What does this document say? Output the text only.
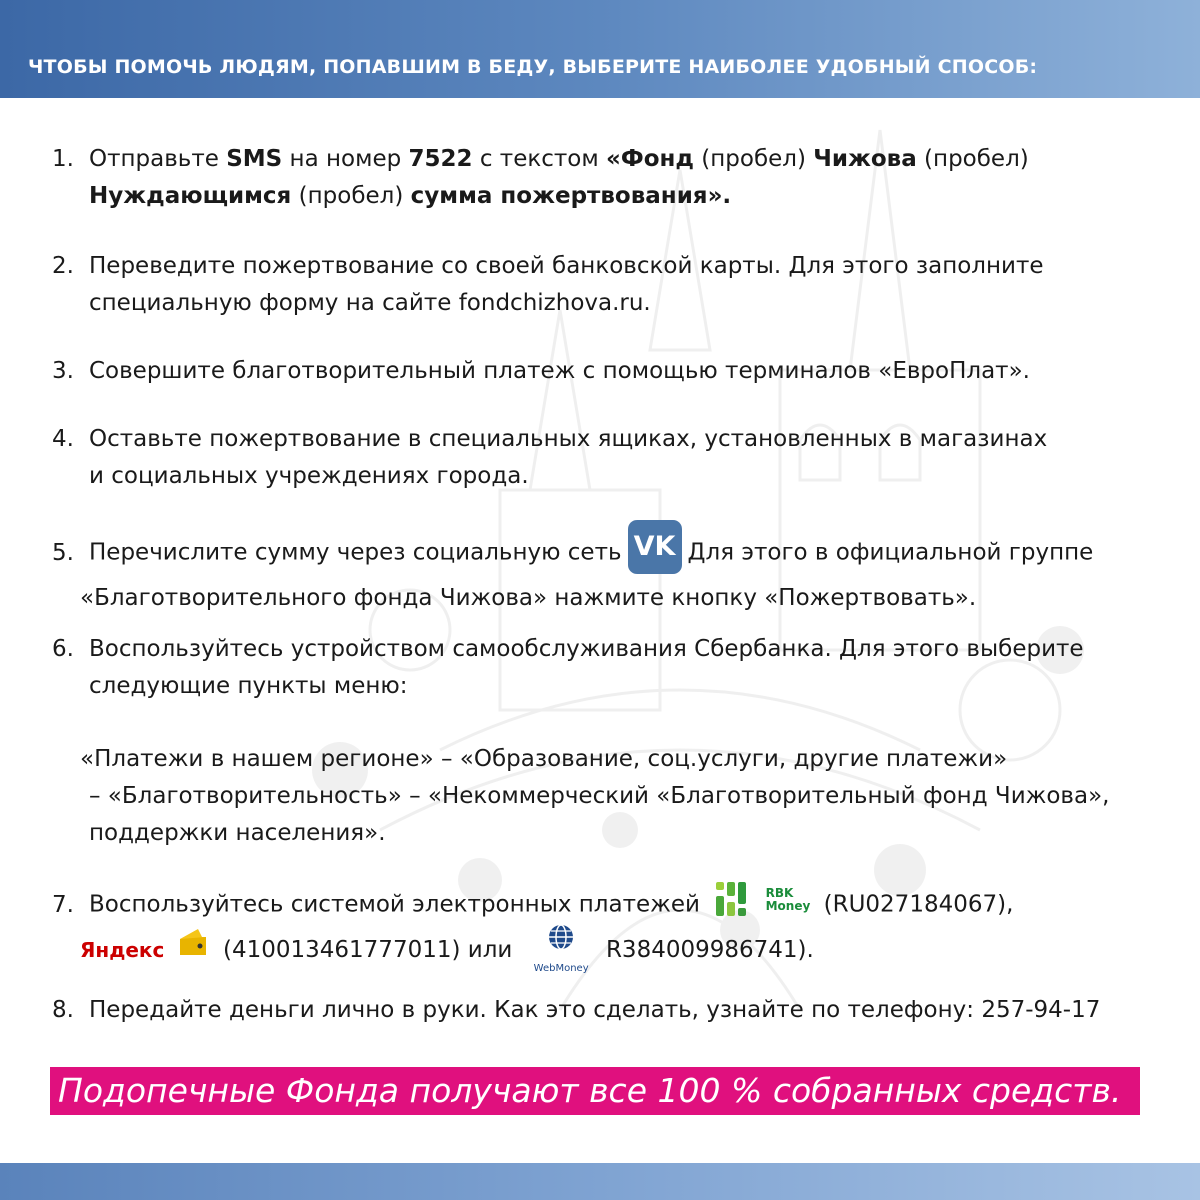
ЧТОБЫ ПОМОЧЬ ЛЮДЯМ, ПОПАВШИМ В БЕДУ, ВЫБЕРИТЕ НАИБОЛЕЕ УДОБНЫЙ СПОСОБ:
1. Отправьте SMS на номер 7522 с текстом «Фонд (пробел) Чижова (пробел)
Нуждающимся (пробел) сумма пожертвования».
2. Переведите пожертвование со своей банковской карты. Для этого заполните
специальную форму на сайте fondchizhova.ru.
3. Совершите благотворительный платеж с помощью терминалов «ЕвроПлат».
4. Оставьте пожертвование в специальных ящиках, установленных в магазинах
и социальных учреждениях города.
5. Перечислите сумму через социальную сеть VK Для этого в официальной группе
«Благотворительного фонда Чижова» нажмите кнопку «Пожертвовать».
6. Воспользуйтесь устройством самообслуживания Сбербанка. Для этого выберите
следующие пункты меню:
«Платежи в нашем регионе» – «Образование, соц.услуги, другие платежи»
– «Благотворительность» – «Некоммерческий «Благотворительный фонд Чижова»,
поддержки населения».
7. Воспользуйтесь системой электронных платежей	RBK
Money (RU027184067),
Яндекс	(410013461777011) или
WebMoney
R384009986741).
8. Передайте деньги лично в руки. Как это сделать, узнайте по телефону: 257-94-17
Подопечные Фонда получают все 100 % собранных средств.
